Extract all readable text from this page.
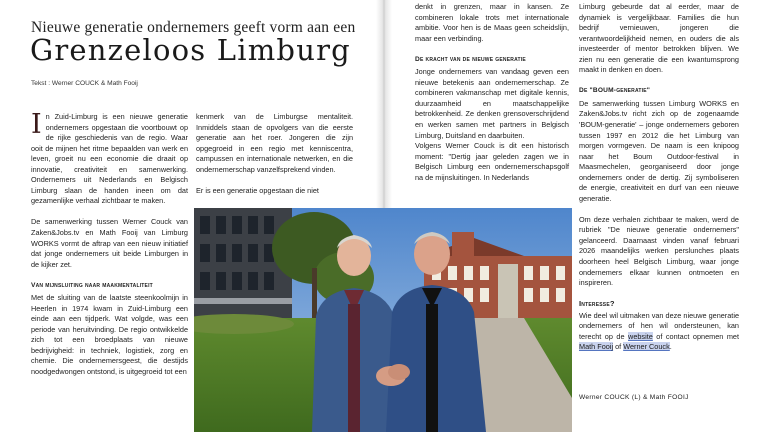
Nieuwe generatie ondernemers geeft vorm aan een
Grenzeloos Limburg
Tekst : Werner COUCK & Math Fooij

I n Zuid-Limburg is een nieuwe generatie ondernemers opgestaan die voortbouwt op de rijke geschiedenis van de regio. Waar ooit de mijnen het ritme bepaalden van werk en leven, groeit nu een economie die draait op innovatie, creativiteit en samenwerking. Ondernemers uit Nederlands en Belgisch Limburg slaan de handen ineen om dat gezamenlijke verhaal zichtbaar te maken.

De samenwerking tussen Werner Couck van Zaken&Jobs.tv en Math Fooij van Limburg WORKS vormt de aftrap van een nieuw initiatief dat jonge ondernemers uit beide Limburgen in de kijker zet.

Van mijnsluiting naar maakmentaliteit

Met de sluiting van de laatste steenkoolmijn in Heerlen in 1974 kwam in Zuid-Limburg een einde aan een tijdperk. Wat volgde, was een periode van heruitvinding. De regio ontwikkelde zich tot een broedplaats van nieuwe bedrijvigheid: in techniek, logistiek, zorg en chemie. Die ondernemersgeest, die destijds noodgedwongen ontstond, is uitgegroeid tot een

kenmerk van de Limburgse mentaliteit. Inmiddels staan de opvolgers van die eerste generatie aan het roer. Jongeren die zijn opgegroeid in een regio met kenniscentra, campussen en internationale netwerken, en die ondernemerschap vanzelfsprekend vinden.

Er is een generatie opgestaan die niet

denkt in grenzen, maar in kansen. Ze combineren lokale trots met internationale ambitie. Voor hen is de Maas geen scheidslijn, maar een verbinding.

De kracht van de nieuwe generatie

Jonge ondernemers van vandaag geven een nieuwe betekenis aan ondernemerschap. Ze combineren vakmanschap met digitale kennis, duurzaamheid en maatschappelijke betrokkenheid. Ze denken grensoverschrijdend en werken samen met partners in Belgisch Limburg, Duitsland en daarbuiten.

Volgens Werner Couck is dit een historisch moment: "Dertig jaar geleden zagen we in Belgisch Limburg een ondernemerschapsgolf na de mijnsluitingen. In Nederlands

Limburg gebeurde dat al eerder, maar de dynamiek is vergelijkbaar. Families die hun bedrijf vernieuwen, jongeren die verantwoordelijkheid nemen, en ouders die als investeerder of mentor betrokken blijven. We zien nu een generatie die een kwantumsprong maakt in denken en doen.

De "BOUM-generatie"

De samenwerking tussen Limburg WORKS en Zaken&Jobs.tv richt zich op de zogenaamde 'BOUM-generatie' – jonge ondernemers geboren tussen 1997 en 2012 die het Limburg van morgen vormgeven. De naam is een knipoog naar het Boum Outdoor-festival in Maasmechelen, georganiseerd door jonge ondernemers onder de dertig. Zij symboliseren de energie, creativiteit en durf van een nieuwe generatie.

Om deze verhalen zichtbaar te maken, werd de rubriek "De nieuwe generatie ondernemers" gelanceerd. Daarnaast vinden vanaf februari 2026 maandelijks werken perslunches plaats doorheen heel Belgisch Limburg, waar jonge ondernemers elkaar kunnen ontmoeten en inspireren.

Interesse?

Wie deel wil uitmaken van deze nieuwe generatie ondernemers of hen wil ondersteunen, kan terecht op de website of contact opnemen met Math Fooij of Werner Couck.

Werner COUCK (L) & Math FOOIJ
